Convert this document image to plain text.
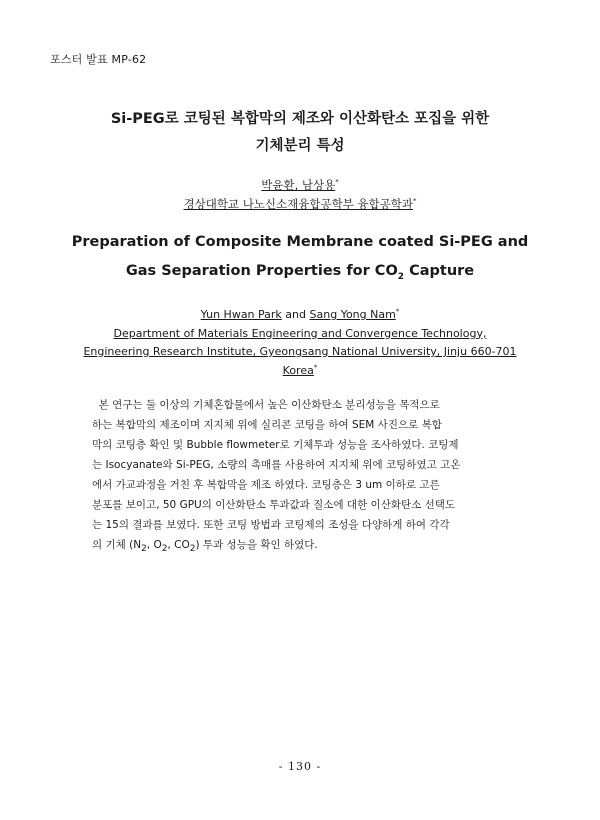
포스터 발표 MP-62
Si-PEG로 코팅된 복합막의 제조와 이산화탄소 포집을 위한
기체분리 특성
박윤환, 남상용*
경상대학교 나노신소재융합공학부 융합공학과*
Preparation of Composite Membrane coated Si-PEG and
Gas Separation Properties for $CO_2$ Capture
Yun Hwan Park and Sang Yong Nam*
Department of Materials Engineering and Convergence Technology,
Engineering Research Institute, Gyeongsang National University, Jinju 660-701
Korea*
본 연구는 둘 이상의 기체혼합물에서 높은 이산화탄소 분리성능을 목적으로
하는 복합막의 제조이며 지지체 위에 실리콘 코팅을 하여 SEM 사진으로 복합
막의 코팅층 확인 및 Bubble flowmeter로 기체투과 성능을 조사하였다. 코팅제
는 Isocyanate와 Si-PEG, 소량의 촉매를 사용하여 지지체 위에 코팅하였고 고온
에서 가교과정을 거친 후 복합막을 제조 하였다. 코팅층은 3 um 이하로 고른
분포를 보이고, 50 GPU의 이산화탄소 투과값과 질소에 대한 이산화탄소 선택도
는 15의 결과를 보였다. 또한 코팅 방법과 코팅제의 조성을 다양하게 하여 각각
의 기체 ($N_2$, $O_2$, $CO_2$) 투과 성능을 확인 하였다.
- 130 -
